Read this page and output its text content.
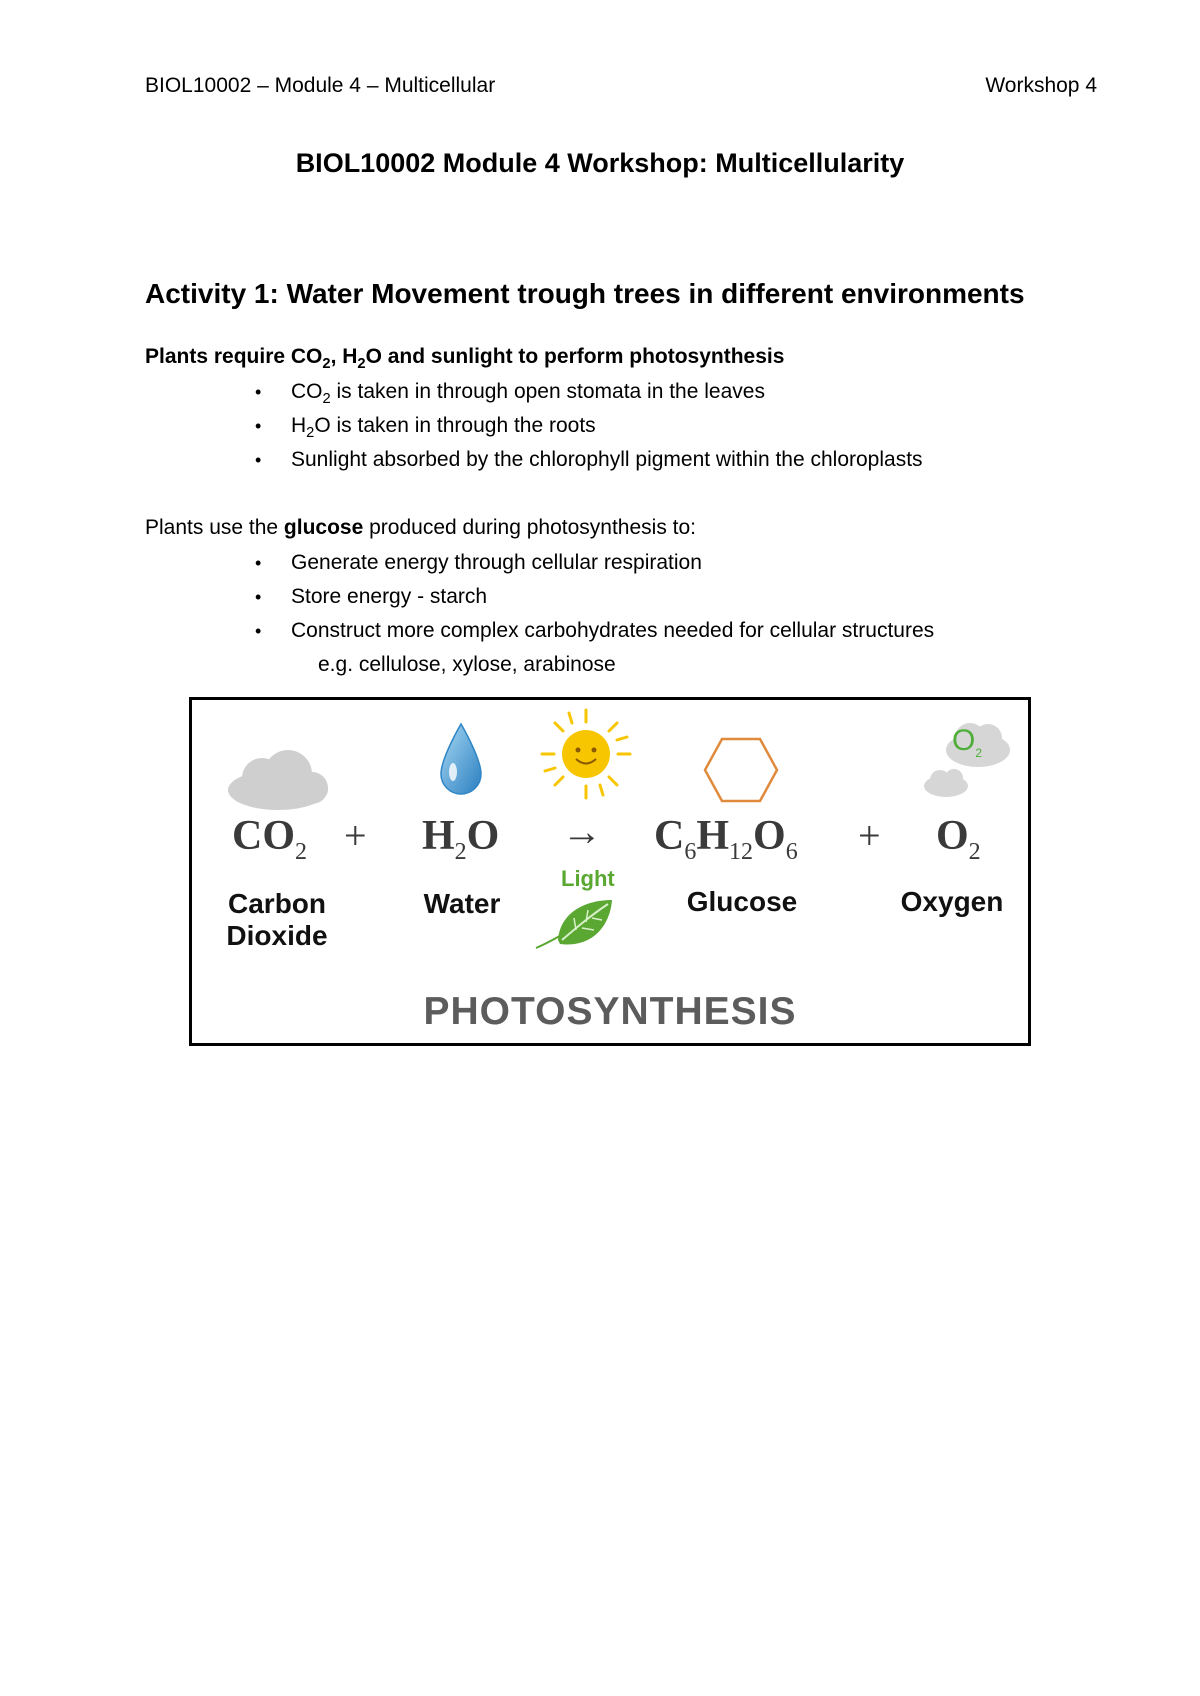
BIOL10002 – Module 4 – Multicellular	Workshop 4
BIOL10002 Module 4 Workshop: Multicellularity
Activity 1: Water Movement trough trees in different environments
Plants require $CO_2$, $H_2O$ and sunlight to perform photosynthesis
• $CO_2$ is taken in through open stomata in the leaves
• $H_2O$ is taken in through the roots
• Sunlight absorbed by the chlorophyll pigment within the chloroplasts
Plants use the glucose produced during photosynthesis to:
• Generate energy through cellular respiration
• Store energy - starch
• Construct more complex carbohydrates needed for cellular structures
e.g. cellulose, xylose, arabinose
$O_2$
$CO_2 + H_2O \to C_6H_{12}O_6 + O_2$
Light
Carbon
Dioxide
Water	Glucose	Oxygen
PHOTOSYNTHESIS
